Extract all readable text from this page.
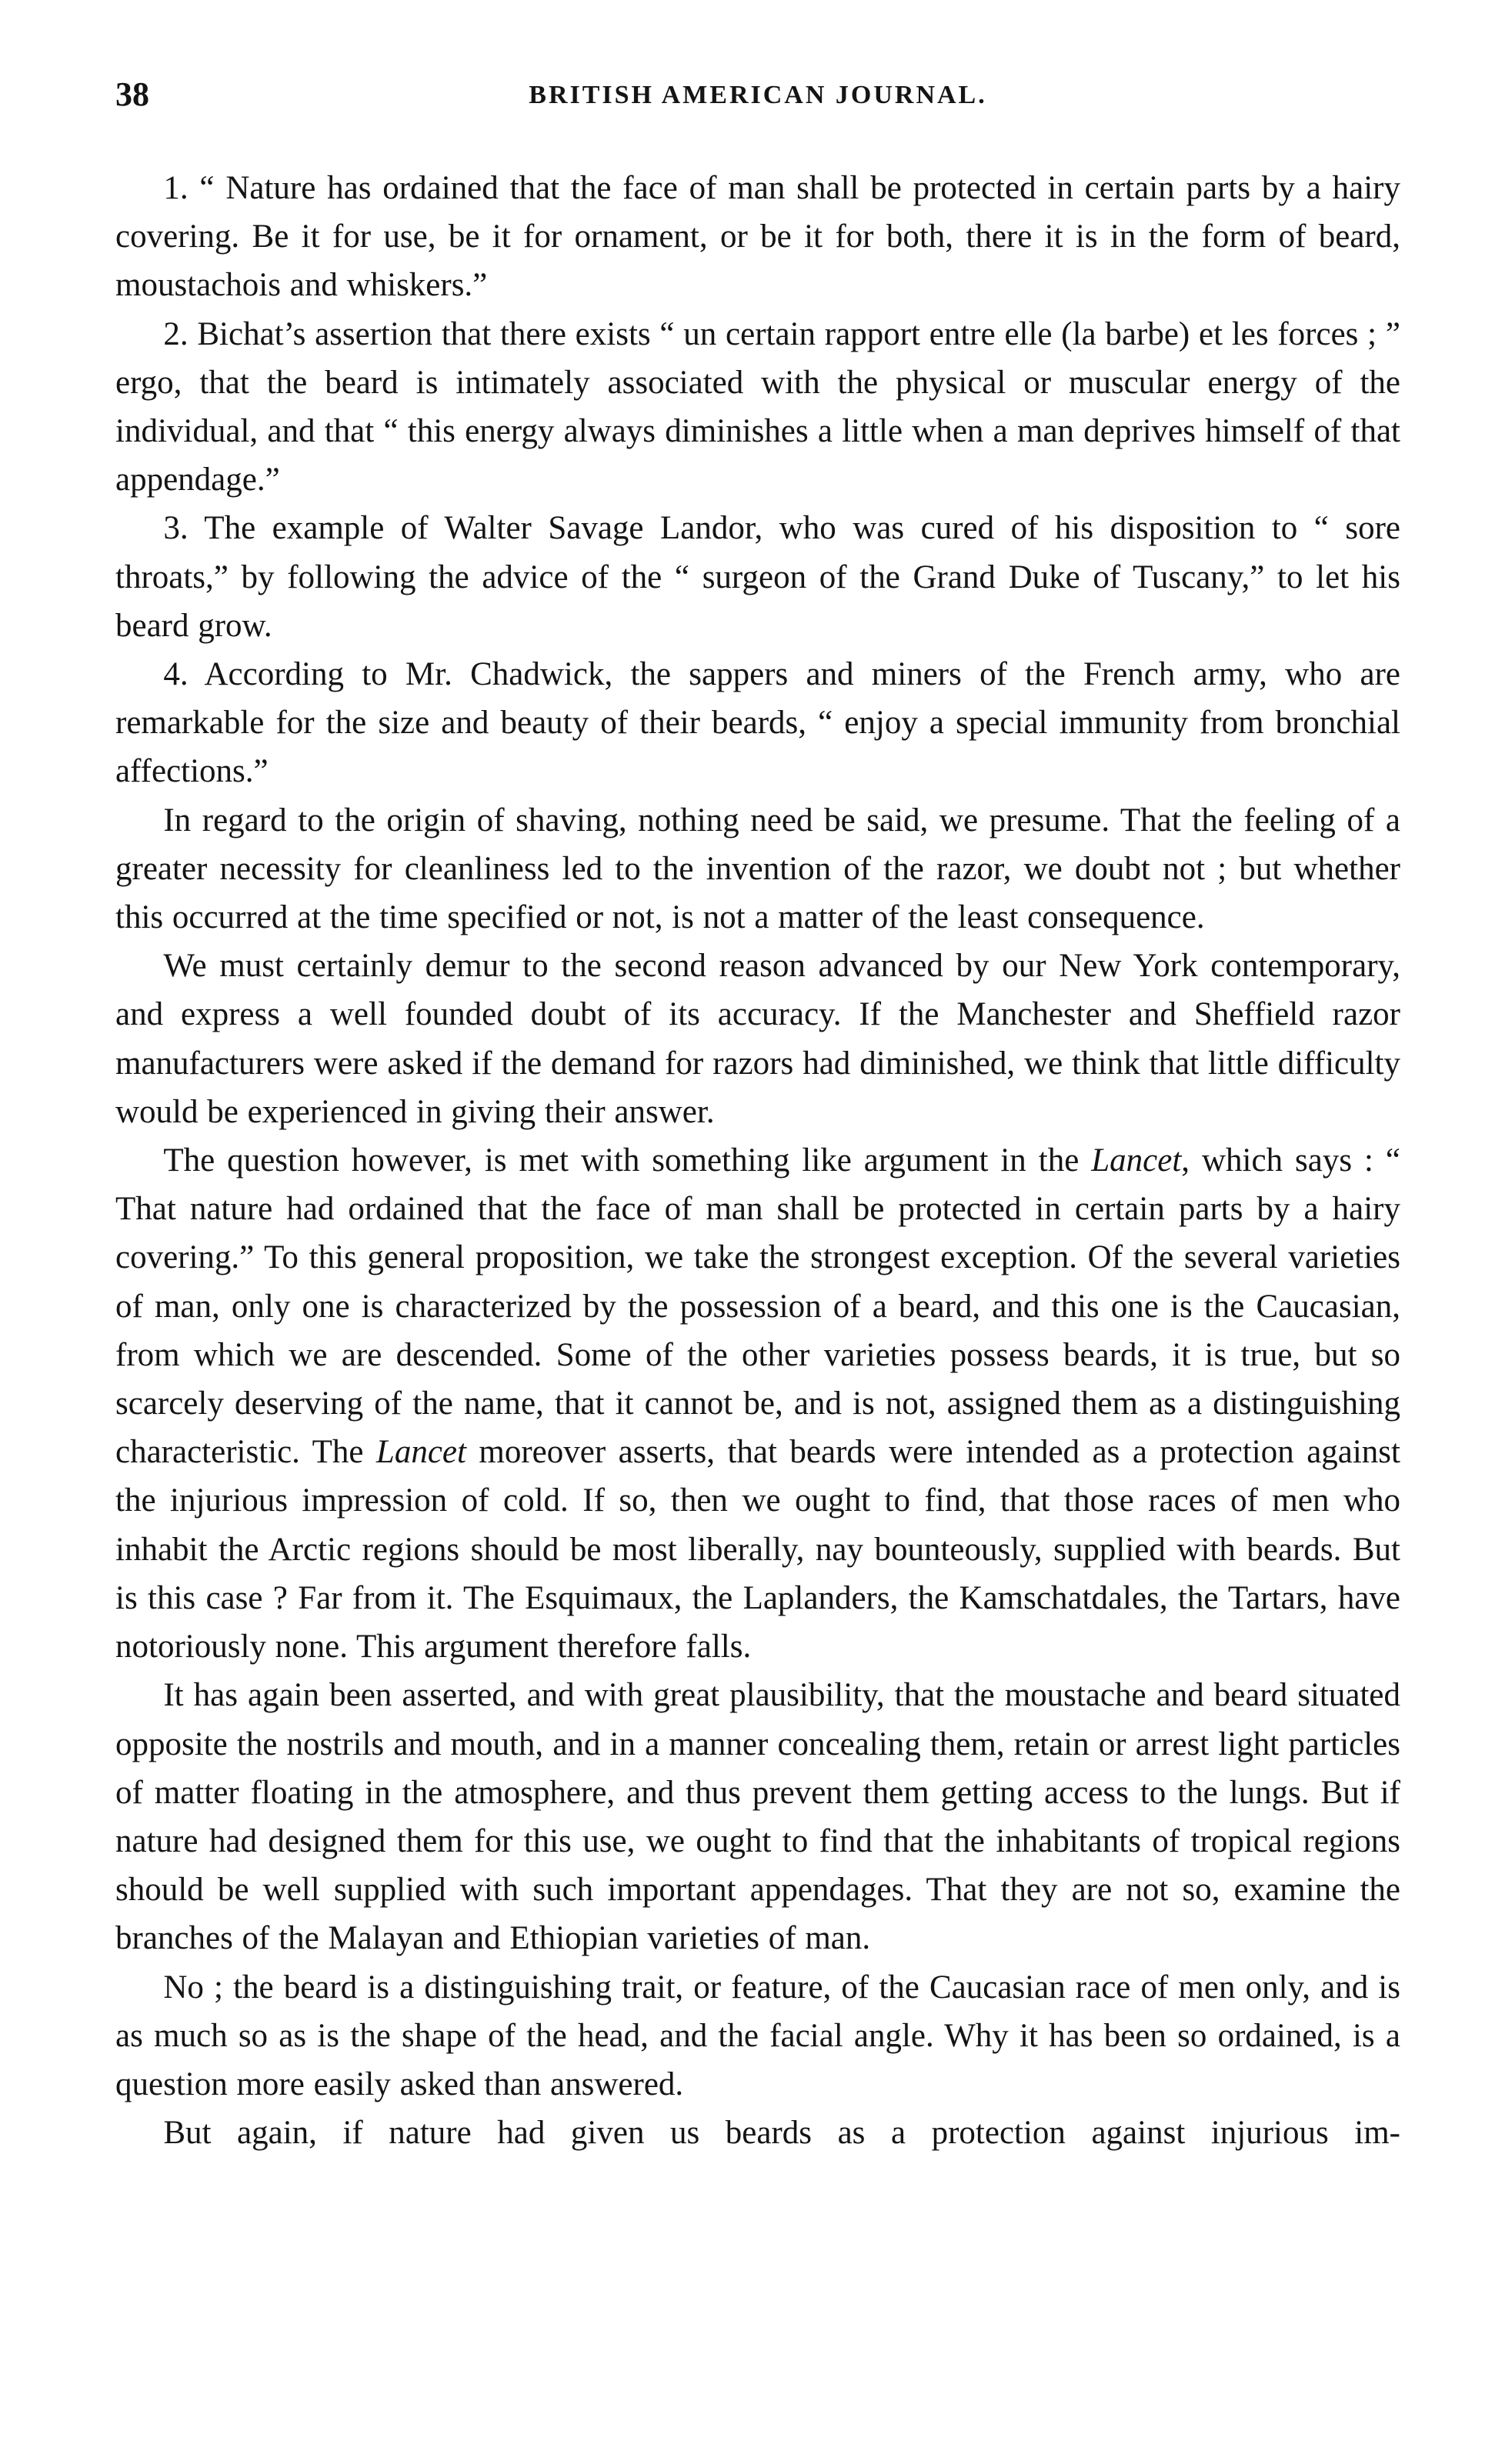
38	BRITISH AMERICAN JOURNAL.

1. “ Nature has ordained that the face of man shall be protected in certain parts by a hairy covering. Be it for use, be it for ornament, or be it for both, there it is in the form of beard, moustachois and whiskers.”

2. Bichat’s assertion that there exists “ un certain rapport entre elle (la barbe) et les forces ; ” ergo, that the beard is intimately associated with the physical or muscular energy of the individual, and that “ this energy always diminishes a little when a man deprives himself of that appendage.”

3. The example of Walter Savage Landor, who was cured of his disposition to “ sore throats,” by following the advice of the “ surgeon of the Grand Duke of Tuscany,” to let his beard grow.

4. According to Mr. Chadwick, the sappers and miners of the French army, who are remarkable for the size and beauty of their beards, “ enjoy a special immunity from bronchial affections.”

In regard to the origin of shaving, nothing need be said, we presume. That the feeling of a greater necessity for cleanliness led to the invention of the razor, we doubt not ; but whether this occurred at the time specified or not, is not a matter of the least consequence.

We must certainly demur to the second reason advanced by our New York contemporary, and express a well founded doubt of its accuracy. If the Manchester and Sheffield razor manufacturers were asked if the demand for razors had diminished, we think that little difficulty would be experienced in giving their answer.

The question however, is met with something like argument in the Lancet, which says : “ That nature had ordained that the face of man shall be protected in certain parts by a hairy covering.” To this general proposition, we take the strongest exception. Of the several varieties of man, only one is characterized by the possession of a beard, and this one is the Caucasian, from which we are descended. Some of the other varieties possess beards, it is true, but so scarcely deserving of the name, that it cannot be, and is not, assigned them as a distinguishing characteristic. The Lancet moreover asserts, that beards were intended as a protection against the injurious impression of cold. If so, then we ought to find, that those races of men who inhabit the Arctic regions should be most liberally, nay bounteously, supplied with beards. But is this case ? Far from it. The Esquimaux, the Laplanders, the Kamschatdales, the Tartars, have notoriously none. This argument therefore falls.

It has again been asserted, and with great plausibility, that the moustache and beard situated opposite the nostrils and mouth, and in a manner concealing them, retain or arrest light particles of matter floating in the atmosphere, and thus prevent them getting access to the lungs. But if nature had designed them for this use, we ought to find that the inhabitants of tropical regions should be well supplied with such important appendages. That they are not so, examine the branches of the Malayan and Ethiopian varieties of man.

No ; the beard is a distinguishing trait, or feature, of the Caucasian race of men only, and is as much so as is the shape of the head, and the facial angle. Why it has been so ordained, is a question more easily asked than answered.

But again, if nature had given us beards as a protection against injurious im-
